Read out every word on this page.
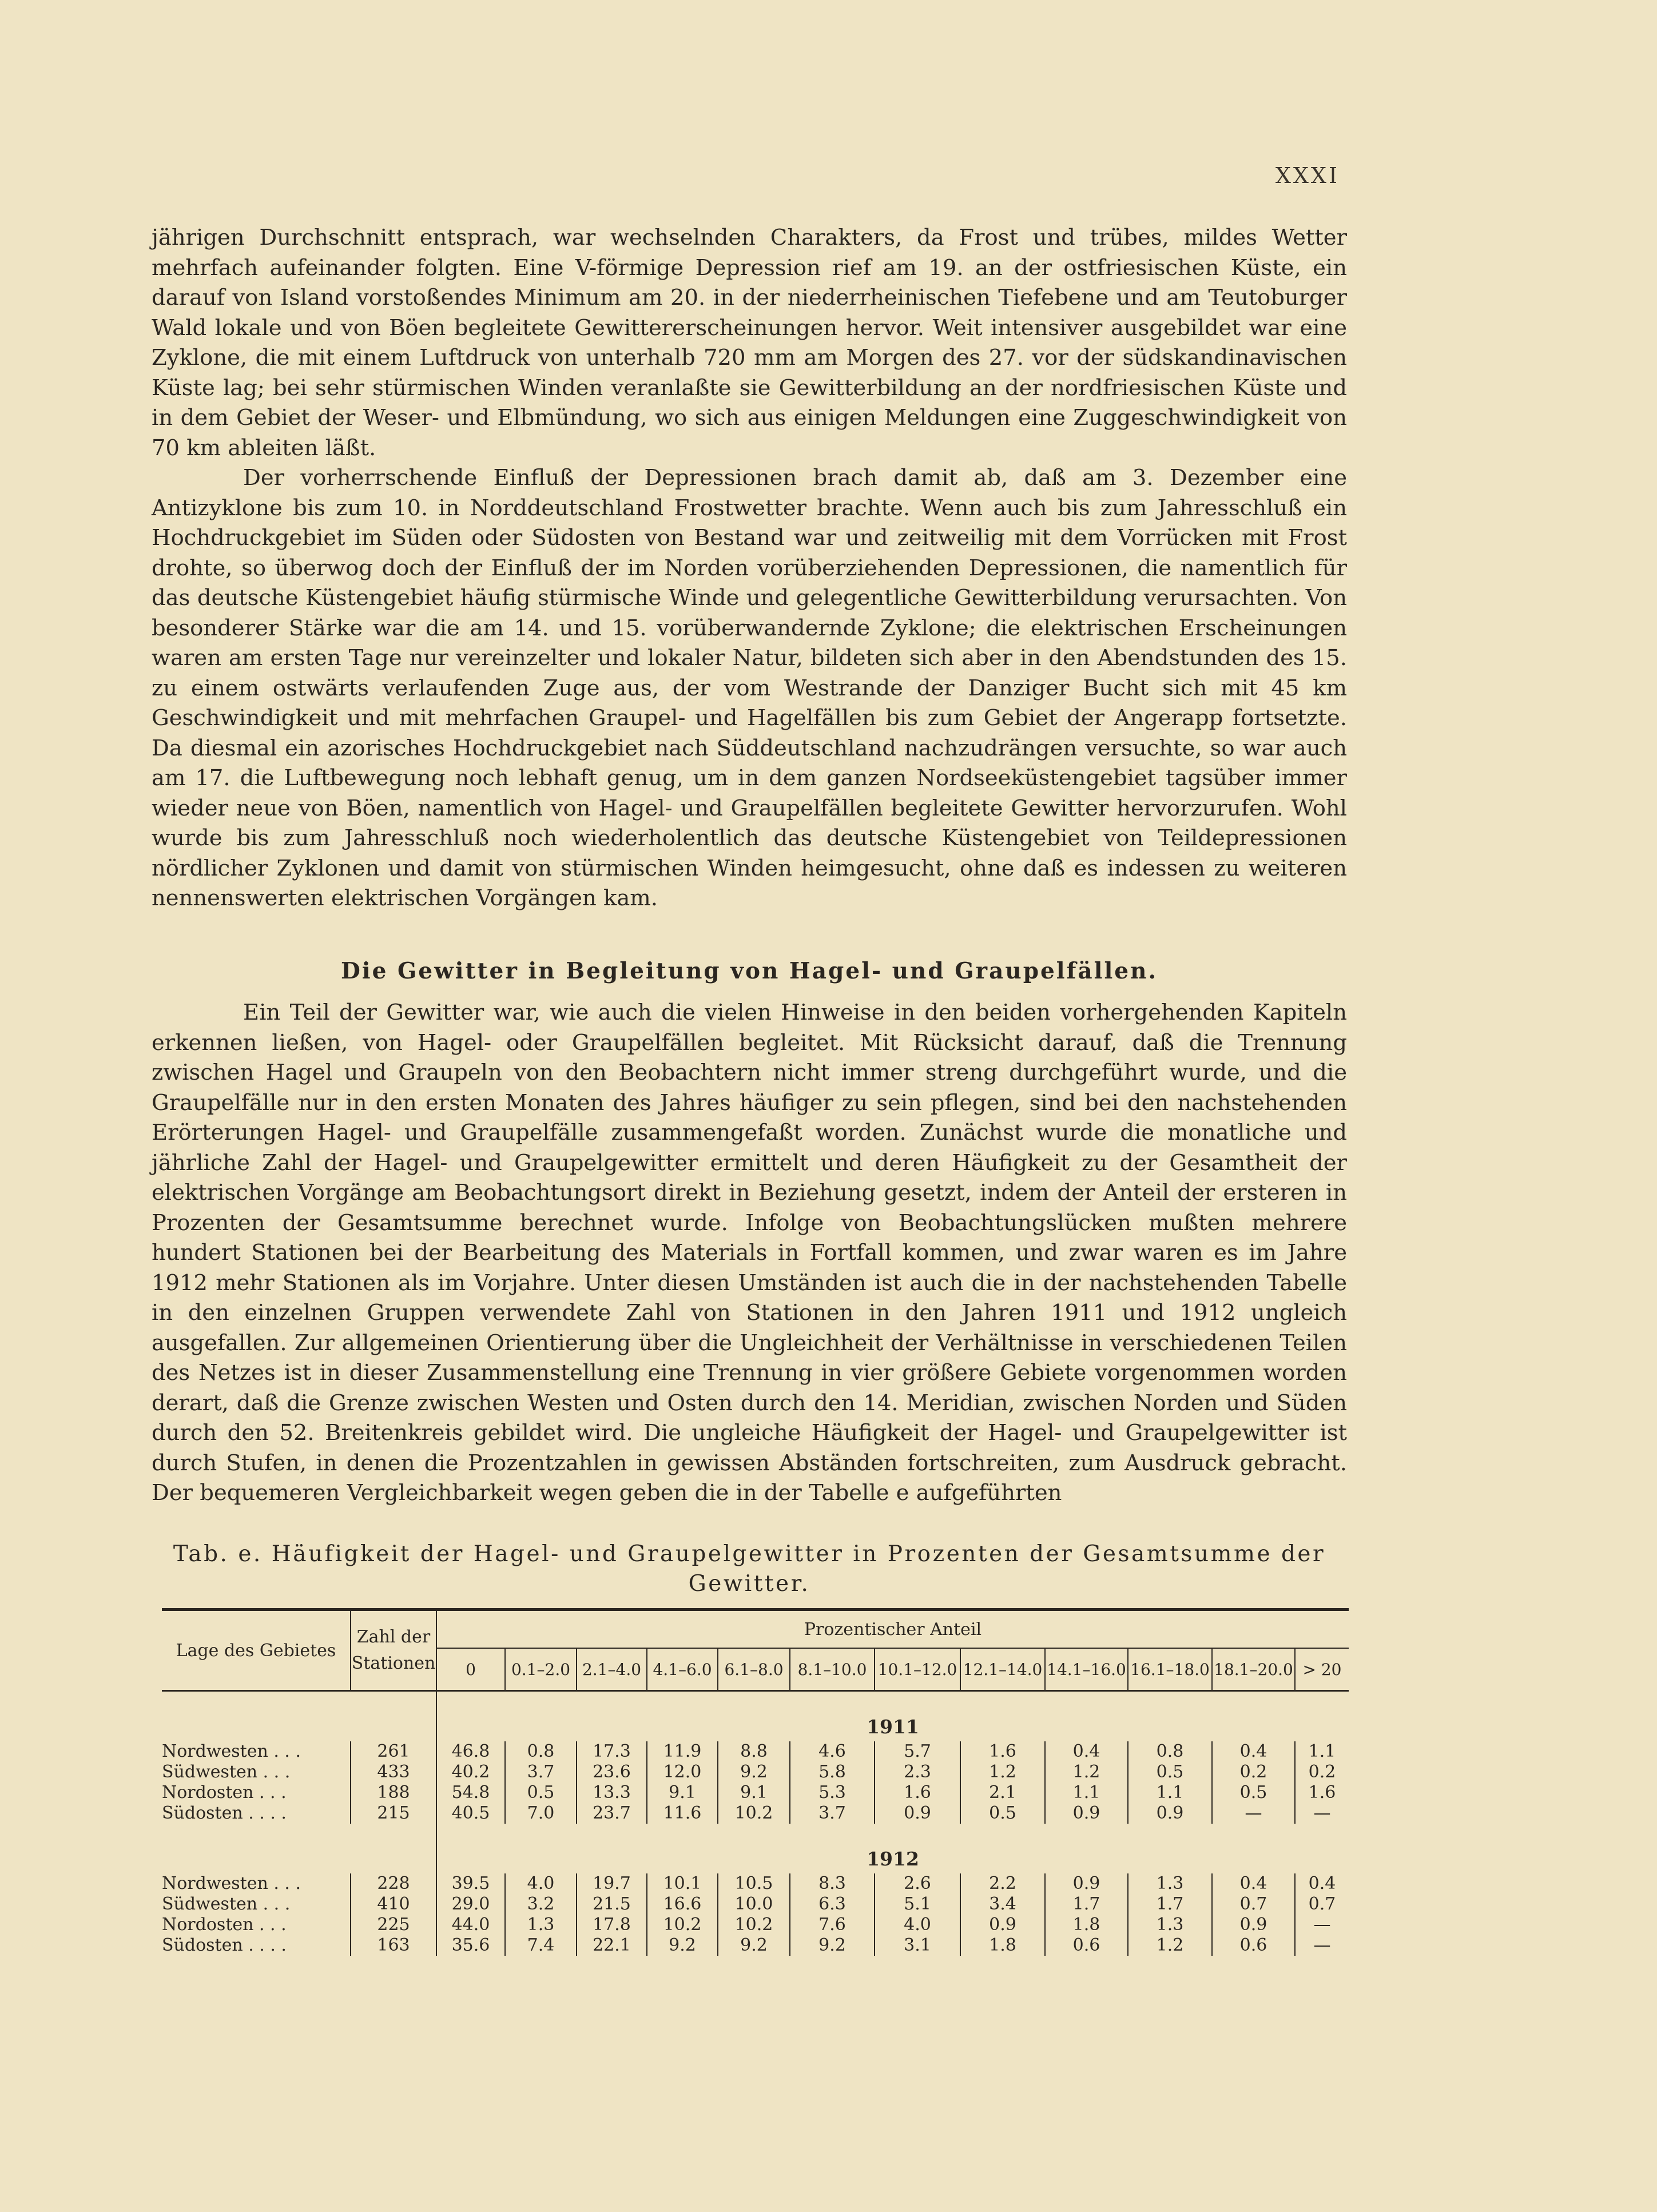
XXXI

jährigen Durchschnitt entsprach, war wechselnden Charakters, da Frost und trübes, mildes Wetter mehrfach aufeinander folgten. Eine V-förmige Depression rief am 19. an der ostfriesischen Küste, ein darauf von Island vorstoßendes Minimum am 20. in der niederrheinischen Tiefebene und am Teutoburger Wald lokale und von Böen begleitete Gewittererscheinungen hervor. Weit intensiver ausgebildet war eine Zyklone, die mit einem Luftdruck von unterhalb 720 mm am Morgen des 27. vor der südskandinavischen Küste lag; bei sehr stürmischen Winden veranlaßte sie Gewitterbildung an der nordfriesischen Küste und in dem Gebiet der Weser- und Elbmündung, wo sich aus einigen Meldungen eine Zuggeschwindigkeit von 70 km ableiten läßt.

Der vorherrschende Einfluß der Depressionen brach damit ab, daß am 3. Dezember eine Antizyklone bis zum 10. in Norddeutschland Frostwetter brachte. Wenn auch bis zum Jahresschluß ein Hochdruckgebiet im Süden oder Südosten von Bestand war und zeitweilig mit dem Vorrücken mit Frost drohte, so überwog doch der Einfluß der im Norden vorüberziehenden Depressionen, die namentlich für das deutsche Küstengebiet häufig stürmische Winde und gelegentliche Gewitterbildung verursachten. Von besonderer Stärke war die am 14. und 15. vorüberwandernde Zyklone; die elektrischen Erscheinungen waren am ersten Tage nur vereinzelter und lokaler Natur, bildeten sich aber in den Abendstunden des 15. zu einem ostwärts verlaufenden Zuge aus, der vom Westrande der Danziger Bucht sich mit 45 km Geschwindigkeit und mit mehrfachen Graupel- und Hagelfällen bis zum Gebiet der Angerapp fortsetzte. Da diesmal ein azorisches Hochdruckgebiet nach Süddeutschland nachzudrängen versuchte, so war auch am 17. die Luftbewegung noch lebhaft genug, um in dem ganzen Nordseeküstengebiet tagsüber immer wieder neue von Böen, namentlich von Hagel- und Graupelfällen begleitete Gewitter hervorzurufen. Wohl wurde bis zum Jahresschluß noch wiederholentlich das deutsche Küstengebiet von Teildepressionen nördlicher Zyklonen und damit von stürmischen Winden heimgesucht, ohne daß es indessen zu weiteren nennenswerten elektrischen Vorgängen kam.

Die Gewitter in Begleitung von Hagel- und Graupelfällen.

Ein Teil der Gewitter war, wie auch die vielen Hinweise in den beiden vorhergehenden Kapiteln erkennen ließen, von Hagel- oder Graupelfällen begleitet. Mit Rücksicht darauf, daß die Trennung zwischen Hagel und Graupeln von den Beobachtern nicht immer streng durchgeführt wurde, und die Graupelfälle nur in den ersten Monaten des Jahres häufiger zu sein pflegen, sind bei den nachstehenden Erörterungen Hagel- und Graupelfälle zusammengefaßt worden. Zunächst wurde die monatliche und jährliche Zahl der Hagel- und Graupelgewitter ermittelt und deren Häufigkeit zu der Gesamtheit der elektrischen Vorgänge am Beobachtungsort direkt in Beziehung gesetzt, indem der Anteil der ersteren in Prozenten der Gesamtsumme berechnet wurde. Infolge von Beobachtungslücken mußten mehrere hundert Stationen bei der Bearbeitung des Materials in Fortfall kommen, und zwar waren es im Jahre 1912 mehr Stationen als im Vorjahre. Unter diesen Umständen ist auch die in der nachstehenden Tabelle in den einzelnen Gruppen verwendete Zahl von Stationen in den Jahren 1911 und 1912 ungleich ausgefallen. Zur allgemeinen Orientierung über die Ungleichheit der Verhältnisse in verschiedenen Teilen des Netzes ist in dieser Zusammenstellung eine Trennung in vier größere Gebiete vorgenommen worden derart, daß die Grenze zwischen Westen und Osten durch den 14. Meridian, zwischen Norden und Süden durch den 52. Breitenkreis gebildet wird. Die ungleiche Häufigkeit der Hagel- und Graupelgewitter ist durch Stufen, in denen die Prozentzahlen in gewissen Abständen fortschreiten, zum Ausdruck gebracht. Der bequemeren Vergleichbarkeit wegen geben die in der Tabelle e aufgeführten

Tab. e. Häufigkeit der Hagel- und Graupelgewitter in Prozenten der Gesamtsumme der Gewitter.

Lage des Gebietes	Zahl der Stationen	Prozentischer Anteil											
		0	0.1–2.0	2.1–4.0	4.1–6.0	6.1–8.0	8.1–10.0	10.1–12.0	12.1–14.0	14.1–16.0	16.1–18.0	18.1–20.0	> 20
		1911											
Nordwesten . . .	261	46.8	0.8	17.3	11.9	8.8	4.6	5.7	1.6	0.4	0.8	0.4	1.1
Südwesten . . .	433	40.2	3.7	23.6	12.0	9.2	5.8	2.3	1.2	1.2	0.5	0.2	0.2
Nordosten . . .	188	54.8	0.5	13.3	9.1	9.1	5.3	1.6	2.1	1.1	1.1	0.5	1.6
Südosten . . . .	215	40.5	7.0	23.7	11.6	10.2	3.7	0.9	0.5	0.9	0.9	—	—
		1912											
Nordwesten . . .	228	39.5	4.0	19.7	10.1	10.5	8.3	2.6	2.2	0.9	1.3	0.4	0.4
Südwesten . . .	410	29.0	3.2	21.5	16.6	10.0	6.3	5.1	3.4	1.7	1.7	0.7	0.7
Nordosten . . .	225	44.0	1.3	17.8	10.2	10.2	7.6	4.0	0.9	1.8	1.3	0.9	—
Südosten . . . .	163	35.6	7.4	22.1	9.2	9.2	9.2	3.1	1.8	0.6	1.2	0.6	—
